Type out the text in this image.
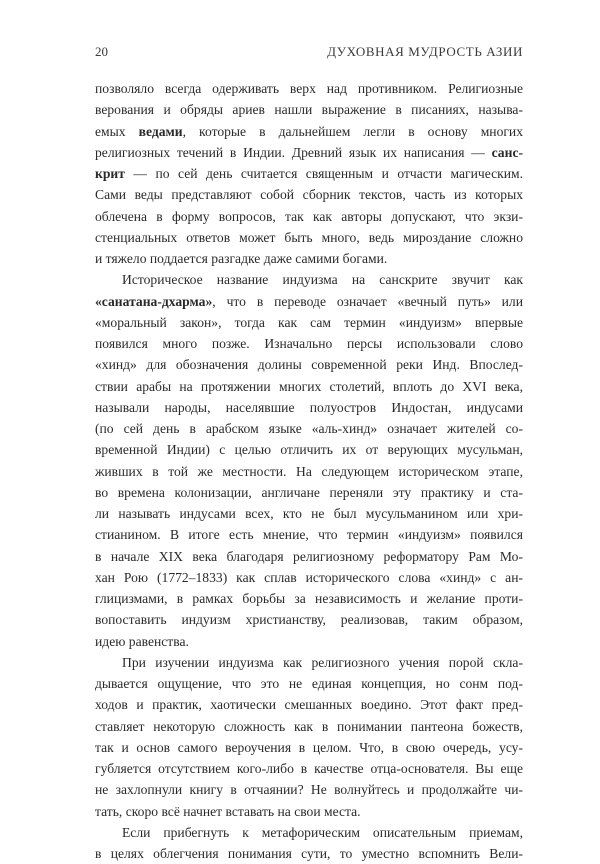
20	ДУХОВНАЯ МУДРОСТЬ АЗИИ

позволяло всегда одерживать верх над противником. Религиозные
верования и обряды ариев нашли выражение в писаниях, называ-
емых ведами, которые в дальнейшем легли в основу многих
религиозных течений в Индии. Древний язык их написания — санс-
крит — по сей день считается священным и отчасти магическим.
Сами веды представляют собой сборник текстов, часть из которых
облечена в форму вопросов, так как авторы допускают, что экзи-
стенциальных ответов может быть много, ведь мироздание сложно
и тяжело поддается разгадке даже самими богами.

Историческое название индуизма на санскрите звучит как
«санатана-дхарма», что в переводе означает «вечный путь» или
«моральный закон», тогда как сам термин «индуизм» впервые
появился много позже. Изначально персы использовали слово
«хинд» для обозначения долины современной реки Инд. Впослед-
ствии арабы на протяжении многих столетий, вплоть до XVI века,
называли народы, населявшие полуостров Индостан, индусами
(по сей день в арабском языке «аль-хинд» означает жителей со-
временной Индии) с целью отличить их от верующих мусульман,
живших в той же местности. На следующем историческом этапе,
во времена колонизации, англичане переняли эту практику и ста-
ли называть индусами всех, кто не был мусульманином или хри-
стианином. В итоге есть мнение, что термин «индуизм» появился
в начале XIX века благодаря религиозному реформатору Рам Мо-
хан Рою (1772–1833) как сплав исторического слова «хинд» с ан-
глицизмами, в рамках борьбы за независимость и желание проти-
вопоставить индуизм христианству, реализовав, таким образом,
идею равенства.

При изучении индуизма как религиозного учения порой скла-
дывается ощущение, что это не единая концепция, но сонм под-
ходов и практик, хаотически смешанных воедино. Этот факт пред-
ставляет некоторую сложность как в понимании пантеона божеств,
так и основ самого вероучения в целом. Что, в свою очередь, усу-
губляется отсутствием кого-либо в качестве отца-основателя. Вы еще
не захлопнули книгу в отчаянии? Не волнуйтесь и продолжайте чи-
тать, скоро всё начнет вставать на свои места.

Если прибегнуть к метафорическим описательным приемам,
в целях облегчения понимания сути, то уместно вспомнить Вели-
